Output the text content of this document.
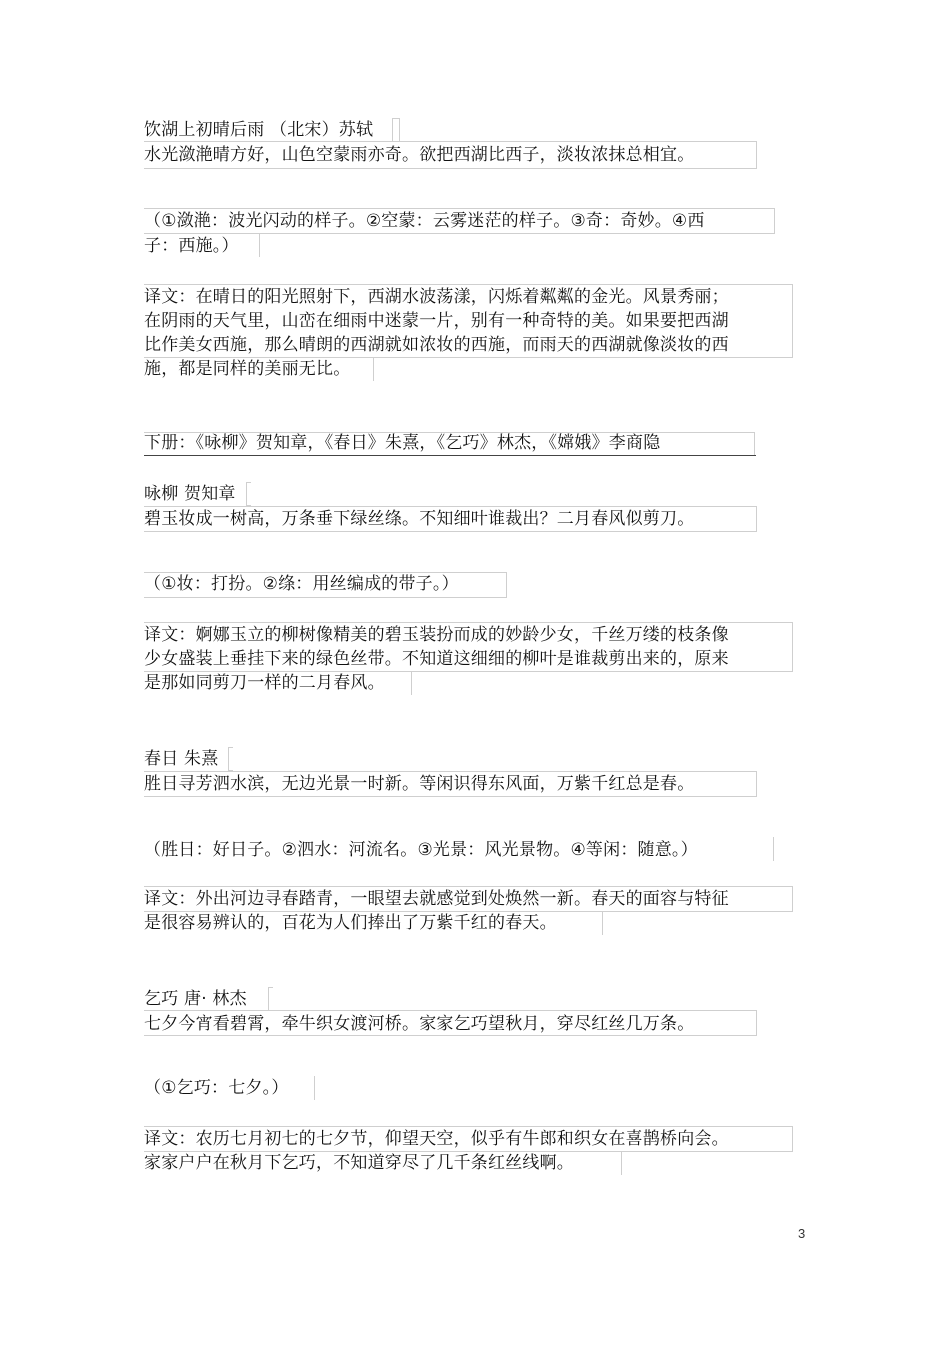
饮湖上初晴后雨 （北宋）苏轼
水光潋滟晴方好，山色空蒙雨亦奇。欲把西湖比西子，淡妆浓抹总相宜。
（①潋滟：波光闪动的样子。②空蒙：云雾迷茫的样子。③奇：奇妙。④西
子：西施。）
译文：在晴日的阳光照射下，西湖水波荡漾，闪烁着粼粼的金光。风景秀丽；
在阴雨的天气里，山峦在细雨中迷蒙一片，别有一种奇特的美。如果要把西湖
比作美女西施，那么晴朗的西湖就如浓妆的西施，而雨天的西湖就像淡妆的西
施，都是同样的美丽无比。
下册：《咏柳》贺知章，《春日》朱熹，《乞巧》林杰，《嫦娥》李商隐
咏柳 贺知章
碧玉妆成一树高，万条垂下绿丝绦。不知细叶谁裁出？二月春风似剪刀。
（①妆：打扮。②绦：用丝编成的带子。）
译文：婀娜玉立的柳树像精美的碧玉装扮而成的妙龄少女，千丝万缕的枝条像
少女盛装上垂挂下来的绿色丝带。不知道这细细的柳叶是谁裁剪出来的，原来
是那如同剪刀一样的二月春风。
春日 朱熹
胜日寻芳泗水滨，无边光景一时新。等闲识得东风面，万紫千红总是春。
（胜日：好日子。②泗水：河流名。③光景：风光景物。④等闲：随意。）
译文：外出河边寻春踏青，一眼望去就感觉到处焕然一新。春天的面容与特征
是很容易辨认的，百花为人们捧出了万紫千红的春天。
乞巧 唐· 林杰
七夕今宵看碧霄，牵牛织女渡河桥。家家乞巧望秋月，穿尽红丝几万条。
（①乞巧：七夕。）
译文：农历七月初七的七夕节，仰望天空，似乎有牛郎和织女在喜鹊桥向会。
家家户户在秋月下乞巧，不知道穿尽了几千条红丝线啊。
3
